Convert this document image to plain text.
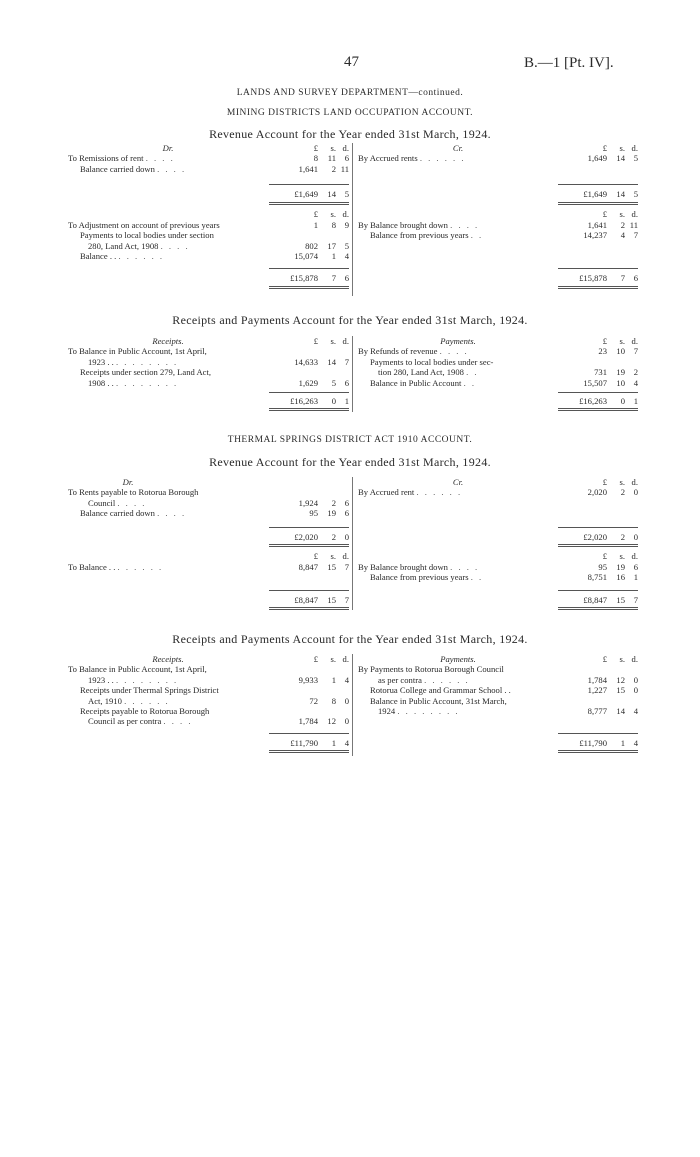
47	B.—1 [Pt. IV].
LANDS AND SURVEY DEPARTMENT—continued.
MINING DISTRICTS LAND OCCUPATION ACCOUNT.
Revenue Account for the Year ended 31st March, 1924.
Dr.	£	s. d.
To Remissions of rent . . . .	8	11	6
Balance carried down . . . .	1,641	2 11
£1,649	14	5
£	s. d.
To Adjustment on account of previous years	1	8	9
Payments to local bodies under section
280, Land Act, 1908 . . . .	802	17	5
Balance . . . . . . . .	15,074	1	4
£15,878	7	6
Cr.	£	s. d.
By Accrued rents . . . . . .	1,649	14	5
£1,649	14	5
£	s. d.
By Balance brought down . . . .	1,641	2 11
Balance from previous years . .	14,237	4	7
£15,878	7	6
Receipts and Payments Account for the Year ended 31st March, 1924.
Receipts.	£	s. d.
To Balance in Public Account, 1st April,
1923 . . . . . . . . . .	14,633	14	7
Receipts under section 279, Land Act,
1908 . . . . . . . . . .	1,629	5	6
£16,263	0	1
Payments.	£	s. d.
By Refunds of revenue . . . .	23	10	7
Payments to local bodies under sec-
tion 280, Land Act, 1908 . .	731	19	2
Balance in Public Account . .	15,507	10	4
£16,263	0	1
THERMAL SPRINGS DISTRICT ACT 1910 ACCOUNT.
Revenue Account for the Year ended 31st March, 1924.
Dr.
To Rents payable to Rotorua Borough
Council . . . .	1,924	2	6
Balance carried down . . . .	95	19	6
£2,020	2	0
£	s. d.
To Balance . . . . . . . .	8,847	15	7
£8,847	15	7
Cr.	£	s. d.
By Accrued rent . . . . . .	2,020	2	0
£2,020	2	0
£	s. d.
By Balance brought down . . . .	95	19	6
Balance from previous years . .	8,751	16	1
£8,847	15	7
Receipts and Payments Account for the Year ended 31st March, 1924.
Receipts.	£	s. d.
To Balance in Public Account, 1st April,
1923 . . . . . . . . . .	9,933	1	4
Receipts under Thermal Springs District
Act, 1910 . . . . . .	72	8	0
Receipts payable to Rotorua Borough
Council as per contra . . . .	1,784	12	0
£11,790	1	4
Payments.	£	s. d.
By Payments to Rotorua Borough Council
as per contra . . . . . .	1,784	12	0
Rotorua College and Grammar School . .	1,227	15	0
Balance in Public Account, 31st March,
1924 . . . . . . . .	8,777	14	4
£11,790	1	4
